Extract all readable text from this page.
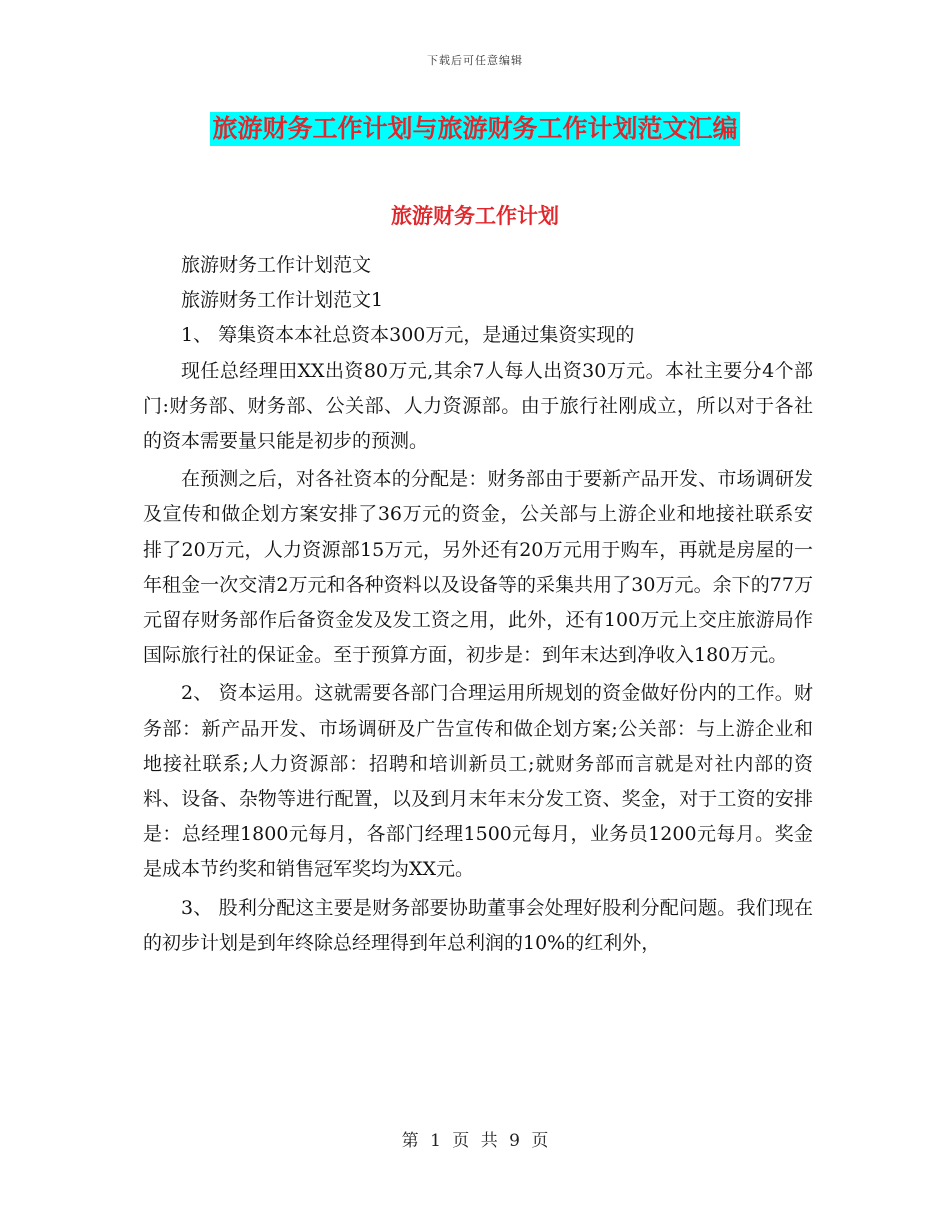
下载后可任意编辑
旅游财务工作计划与旅游财务工作计划范文汇编
旅游财务工作计划

旅游财务工作计划范文

旅游财务工作计划范文1

1、 筹集资本本社总资本300万元，是通过集资实现的

现任总经理田XX出资80万元,其余7人每人出资30万元。本社主要分4个部门:财务部、财务部、公关部、人力资源部。由于旅行社刚成立，所以对于各社的资本需要量只能是初步的预测。

在预测之后，对各社资本的分配是：财务部由于要新产品开发、市场调研发及宣传和做企划方案安排了36万元的资金，公关部与上游企业和地接社联系安排了20万元，人力资源部15万元，另外还有20万元用于购车，再就是房屋的一年租金一次交清2万元和各种资料以及设备等的采集共用了30万元。余下的77万元留存财务部作后备资金发及发工资之用，此外，还有100万元上交庄旅游局作国际旅行社的保证金。至于预算方面，初步是：到年末达到净收入180万元。

2、 资本运用。这就需要各部门合理运用所规划的资金做好份内的工作。财务部：新产品开发、市场调研及广告宣传和做企划方案;公关部：与上游企业和地接社联系;人力资源部：招聘和培训新员工;就财务部而言就是对社内部的资料、设备、杂物等进行配置，以及到月末年末分发工资、奖金，对于工资的安排是：总经理1800元每月，各部门经理1500元每月，业务员1200元每月。奖金是成本节约奖和销售冠军奖均为XX元。

3、 股利分配这主要是财务部要协助董事会处理好股利分配问题。我们现在的初步计划是到年终除总经理得到年总利润的10%的红利外，

第 1 页 共 9 页
